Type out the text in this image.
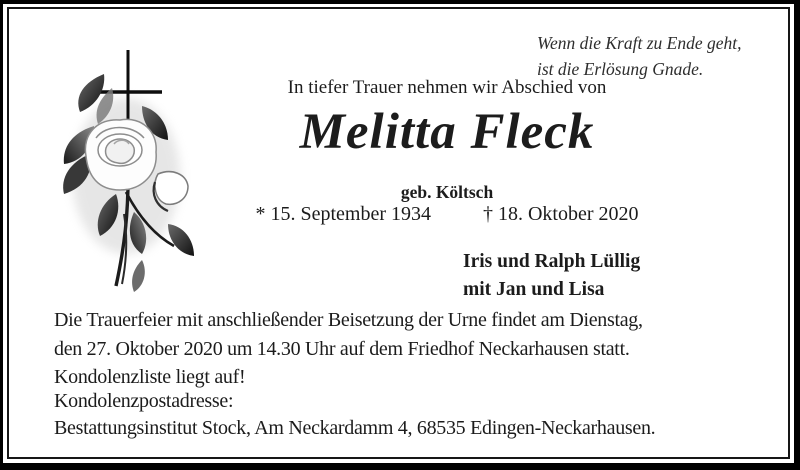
Wenn die Kraft zu Ende geht,
ist die Erlösung Gnade.
In tiefer Trauer nehmen wir Abschied von
Melitta Fleck
geb. Költsch
* 15. September 1934	† 18. Oktober 2020
Iris und Ralph Lüllig
mit Jan und Lisa
Die Trauerfeier mit anschließender Beisetzung der Urne findet am Dienstag,
den 27. Oktober 2020 um 14.30 Uhr auf dem Friedhof Neckarhausen statt.
Kondolenzliste liegt auf!
Kondolenzpostadresse:
Bestattungsinstitut Stock, Am Neckardamm 4, 68535 Edingen-Neckarhausen.
